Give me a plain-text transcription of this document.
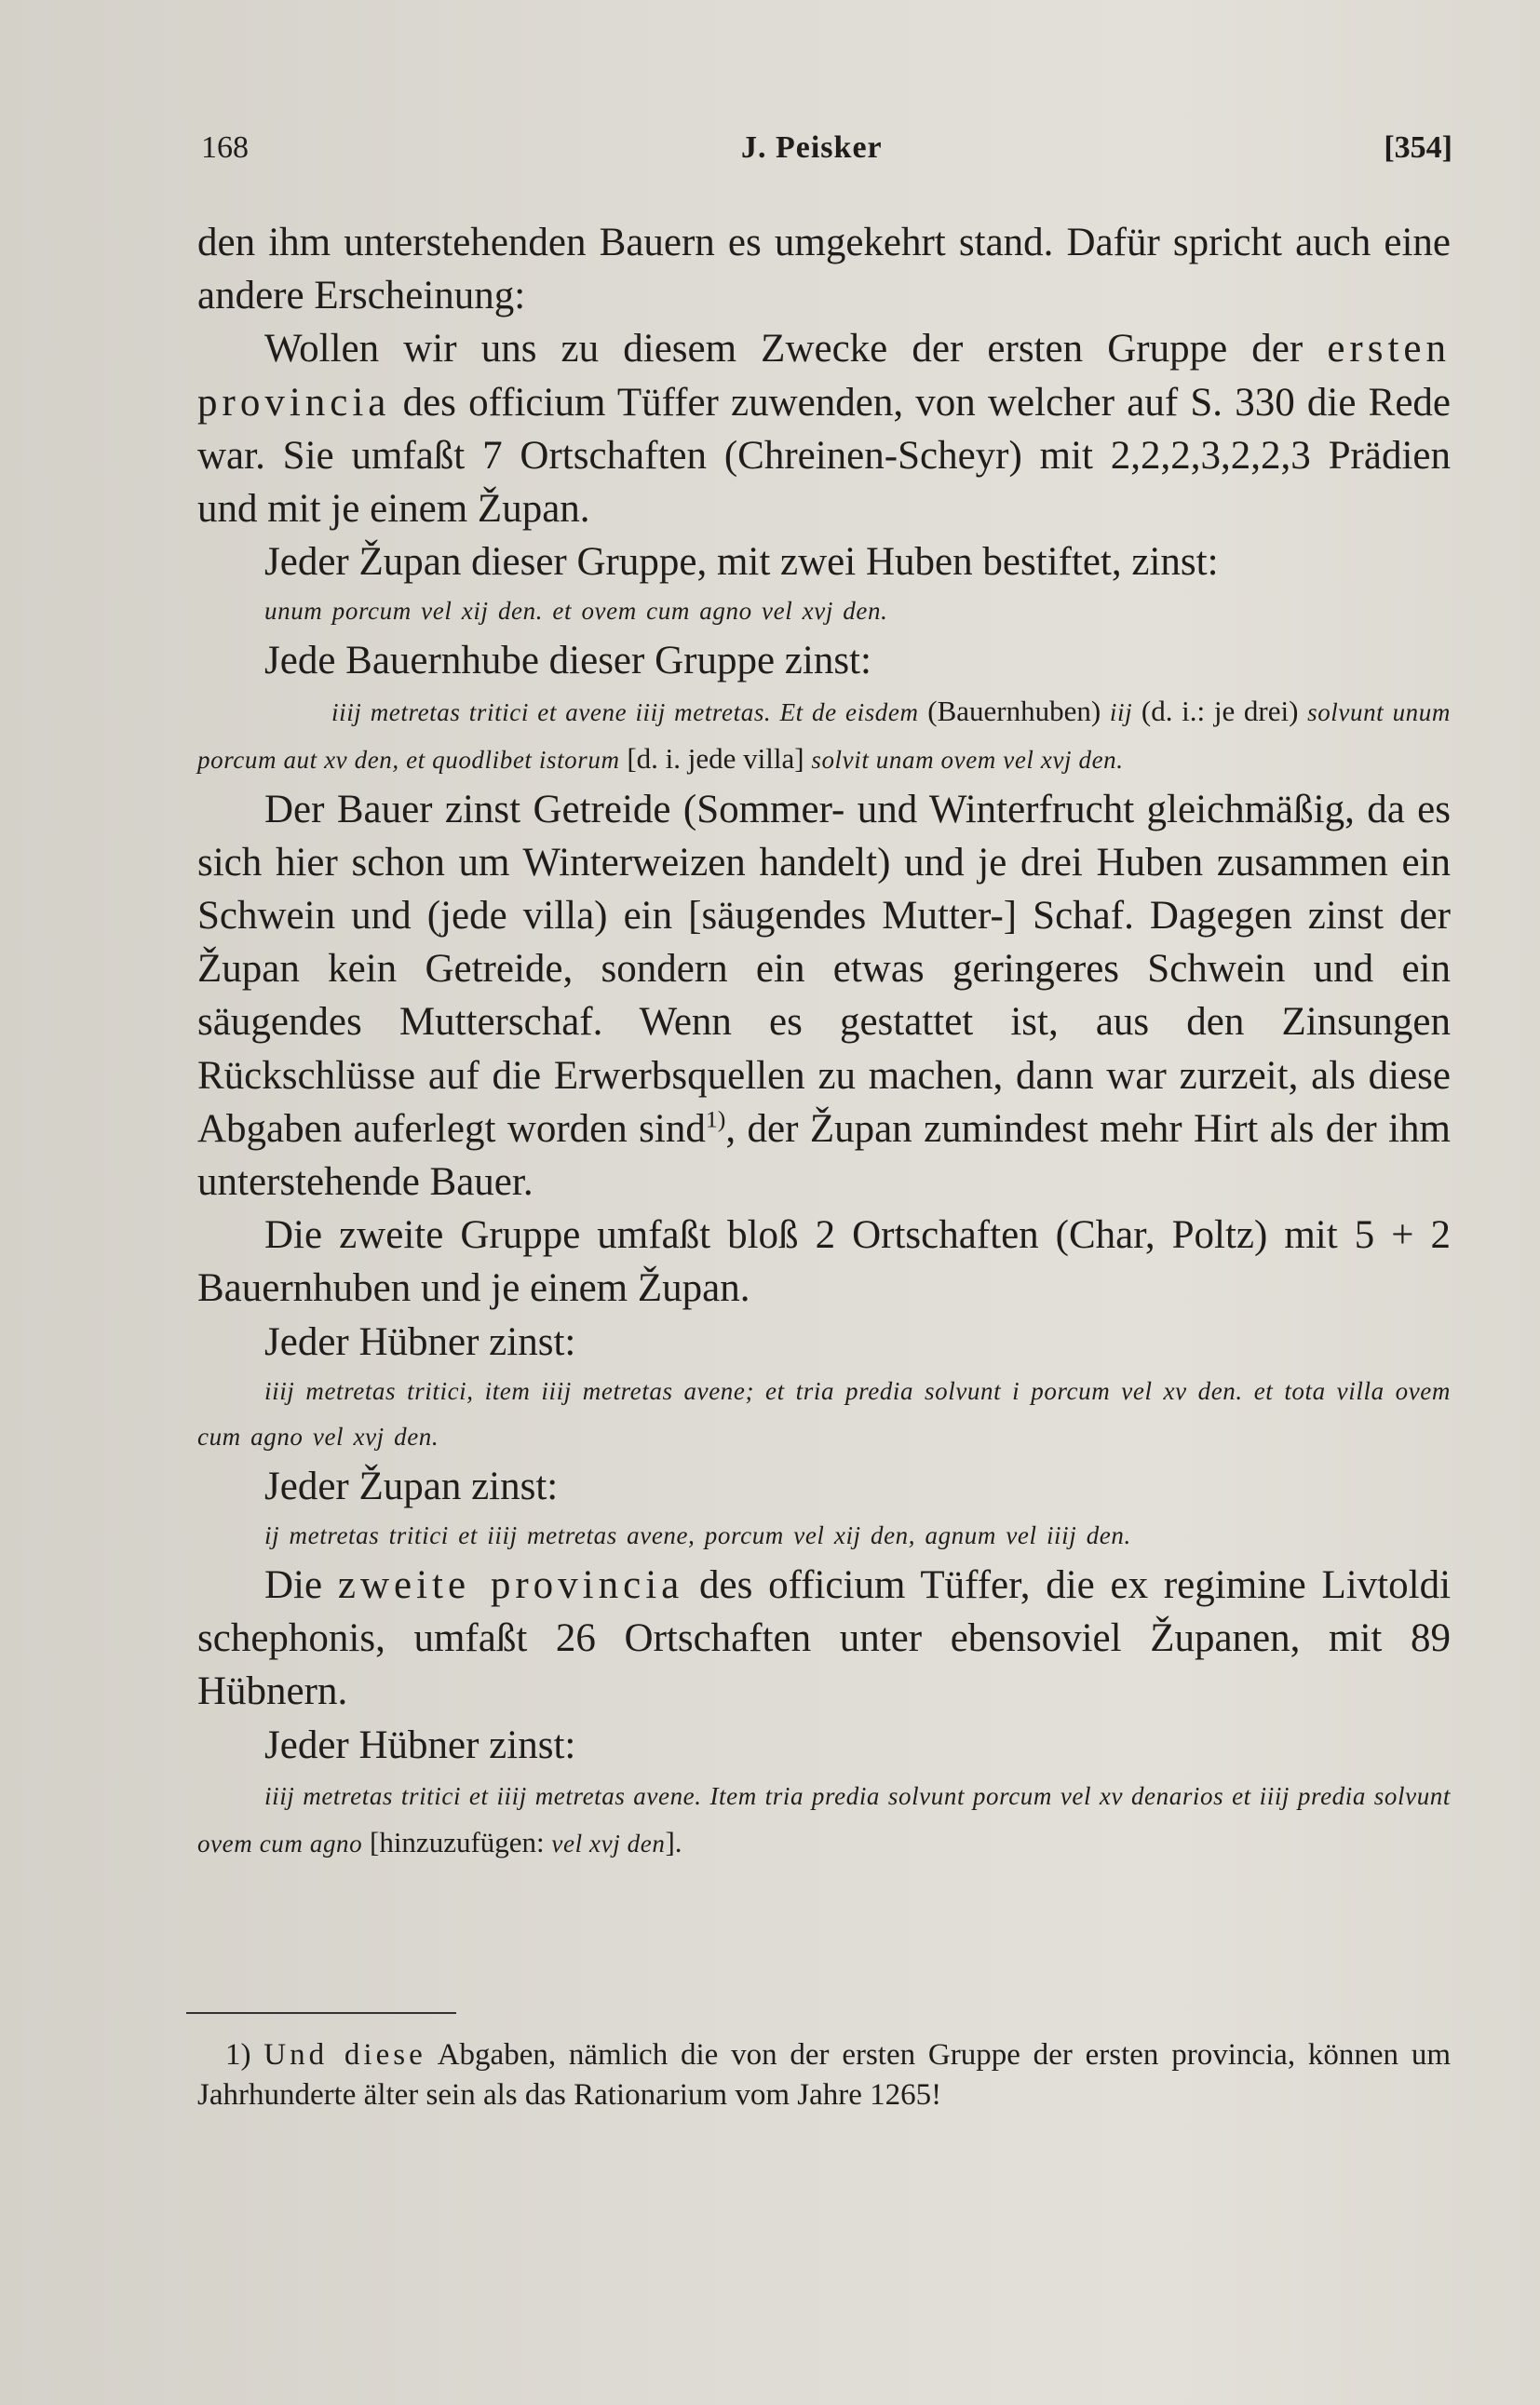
168	J. Peisker	[354]

den ihm unterstehenden Bauern es umgekehrt stand. Dafür spricht auch eine andere Erscheinung:

Wollen wir uns zu diesem Zwecke der ersten Gruppe der ersten provincia des officium Tüffer zuwenden, von welcher auf S. 330 die Rede war. Sie umfaßt 7 Ortschaften (Chreinen-Scheyr) mit 2,2,2,3,2,2,3 Prädien und mit je einem Župan.

Jeder Župan dieser Gruppe, mit zwei Huben bestiftet, zinst:

unum porcum vel xij den. et ovem cum agno vel xvj den.

Jede Bauernhube dieser Gruppe zinst:

iiij metretas tritici et avene iiij metretas. Et de eisdem (Bauernhuben) iij (d. i.: je drei) solvunt unum porcum aut xv den, et quodlibet istorum [d. i. jede villa] solvit unam ovem vel xvj den.

Der Bauer zinst Getreide (Sommer- und Winterfrucht gleichmäßig, da es sich hier schon um Winterweizen handelt) und je drei Huben zusammen ein Schwein und (jede villa) ein [säugendes Mutter-] Schaf. Dagegen zinst der Župan kein Getreide, sondern ein etwas geringeres Schwein und ein säugendes Mutterschaf. Wenn es gestattet ist, aus den Zinsungen Rückschlüsse auf die Erwerbsquellen zu machen, dann war zurzeit, als diese Abgaben auferlegt worden sind$^{1)}$, der Župan zumindest mehr Hirt als der ihm unterstehende Bauer.

Die zweite Gruppe umfaßt bloß 2 Ortschaften (Char, Poltz) mit 5 + 2 Bauernhuben und je einem Župan.

Jeder Hübner zinst:

iiij metretas tritici, item iiij metretas avene; et tria predia solvunt i porcum vel xv den. et tota villa ovem cum agno vel xvj den.

Jeder Župan zinst:

ij metretas tritici et iiij metretas avene, porcum vel xij den, agnum vel iiij den.

Die zweite provincia des officium Tüffer, die ex regimine Livtoldi schephonis, umfaßt 26 Ortschaften unter ebensoviel Županen, mit 89 Hübnern.

Jeder Hübner zinst:

iiij metretas tritici et iiij metretas avene. Item tria predia solvunt porcum vel xv denarios et iiij predia solvunt ovem cum agno [hinzuzufügen: vel xvj den].

1) Und diese Abgaben, nämlich die von der ersten Gruppe der ersten provincia, können um Jahrhunderte älter sein als das Rationarium vom Jahre 1265!
